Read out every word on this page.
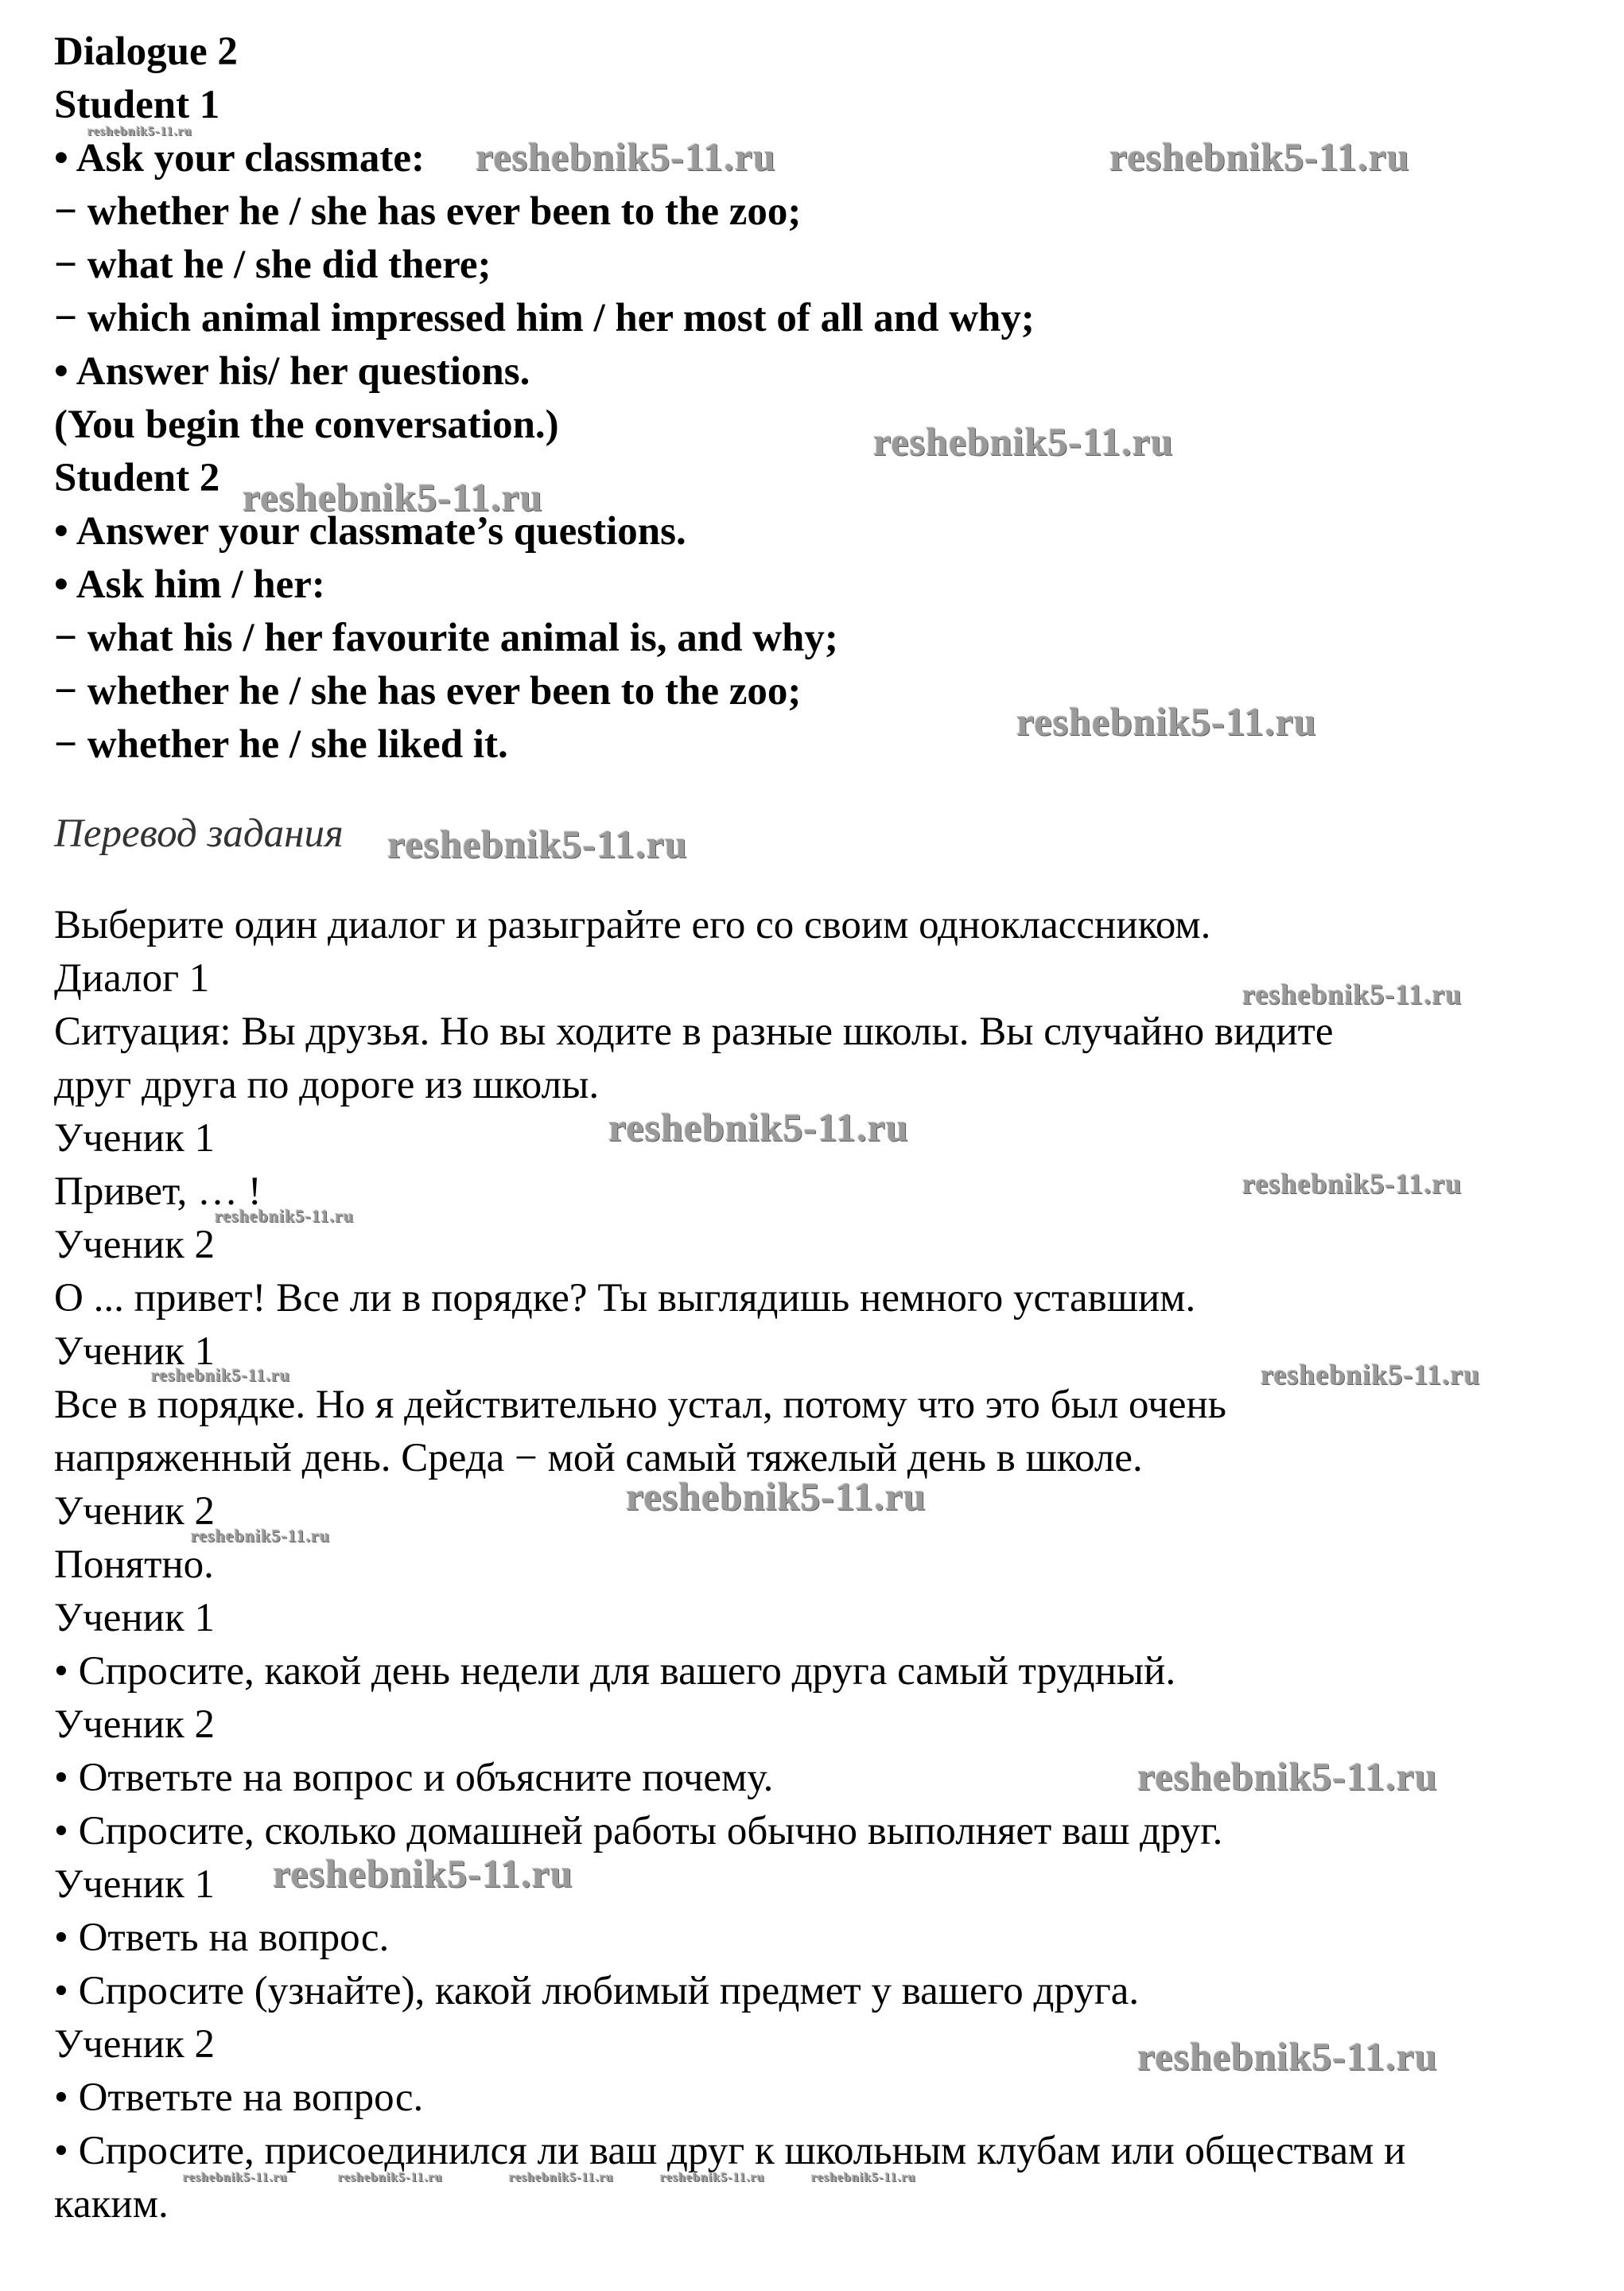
Dialogue 2
Student 1
• Ask your classmate:
− whether he / she has ever been to the zoo;
− what he / she did there;
− which animal impressed him / her most of all and why;
• Answer his/ her questions.
(You begin the conversation.)
Student 2
• Answer your classmate’s questions.
• Ask him / her:
− what his / her favourite animal is, and why;
− whether he / she has ever been to the zoo;
− whether he / she liked it.
Перевод задания
Выберите один диалог и разыграйте его со своим одноклассником.
Диалог 1
Ситуация: Вы друзья. Но вы ходите в разные школы. Вы случайно видите
друг друга по дороге из школы.
Ученик 1
Привет, … !
Ученик 2
О ... привет! Все ли в порядке? Ты выглядишь немного уставшим.
Ученик 1
Все в порядке. Но я действительно устал, потому что это был очень
напряженный день. Среда − мой самый тяжелый день в школе.
Ученик 2
Понятно.
Ученик 1
• Спросите, какой день недели для вашего друга самый трудный.
Ученик 2
• Ответьте на вопрос и объясните почему.
• Спросите, сколько домашней работы обычно выполняет ваш друг.
Ученик 1
• Ответь на вопрос.
• Спросите (узнайте), какой любимый предмет у вашего друга.
Ученик 2
• Ответьте на вопрос.
• Спросите, присоединился ли ваш друг к школьным клубам или обществам и
каким.
reshebnik5-11.ru
reshebnik5-11.ru	reshebnik5-11.ru
reshebnik5-11.ru
reshebnik5-11.ru
reshebnik5-11.ru
reshebnik5-11.ru
reshebnik5-11.ru
reshebnik5-11.ru
reshebnik5-11.ru
reshebnik5-11.ru
reshebnik5-11.ru	reshebnik5-11.ru
reshebnik5-11.ru
reshebnik5-11.ru
reshebnik5-11.ru
reshebnik5-11.ru
reshebnik5-11.ru
reshebnik5-11.ru	reshebnik5-11.ru	reshebnik5-11.ru	reshebnik5-11.ru	reshebnik5-11.ru
